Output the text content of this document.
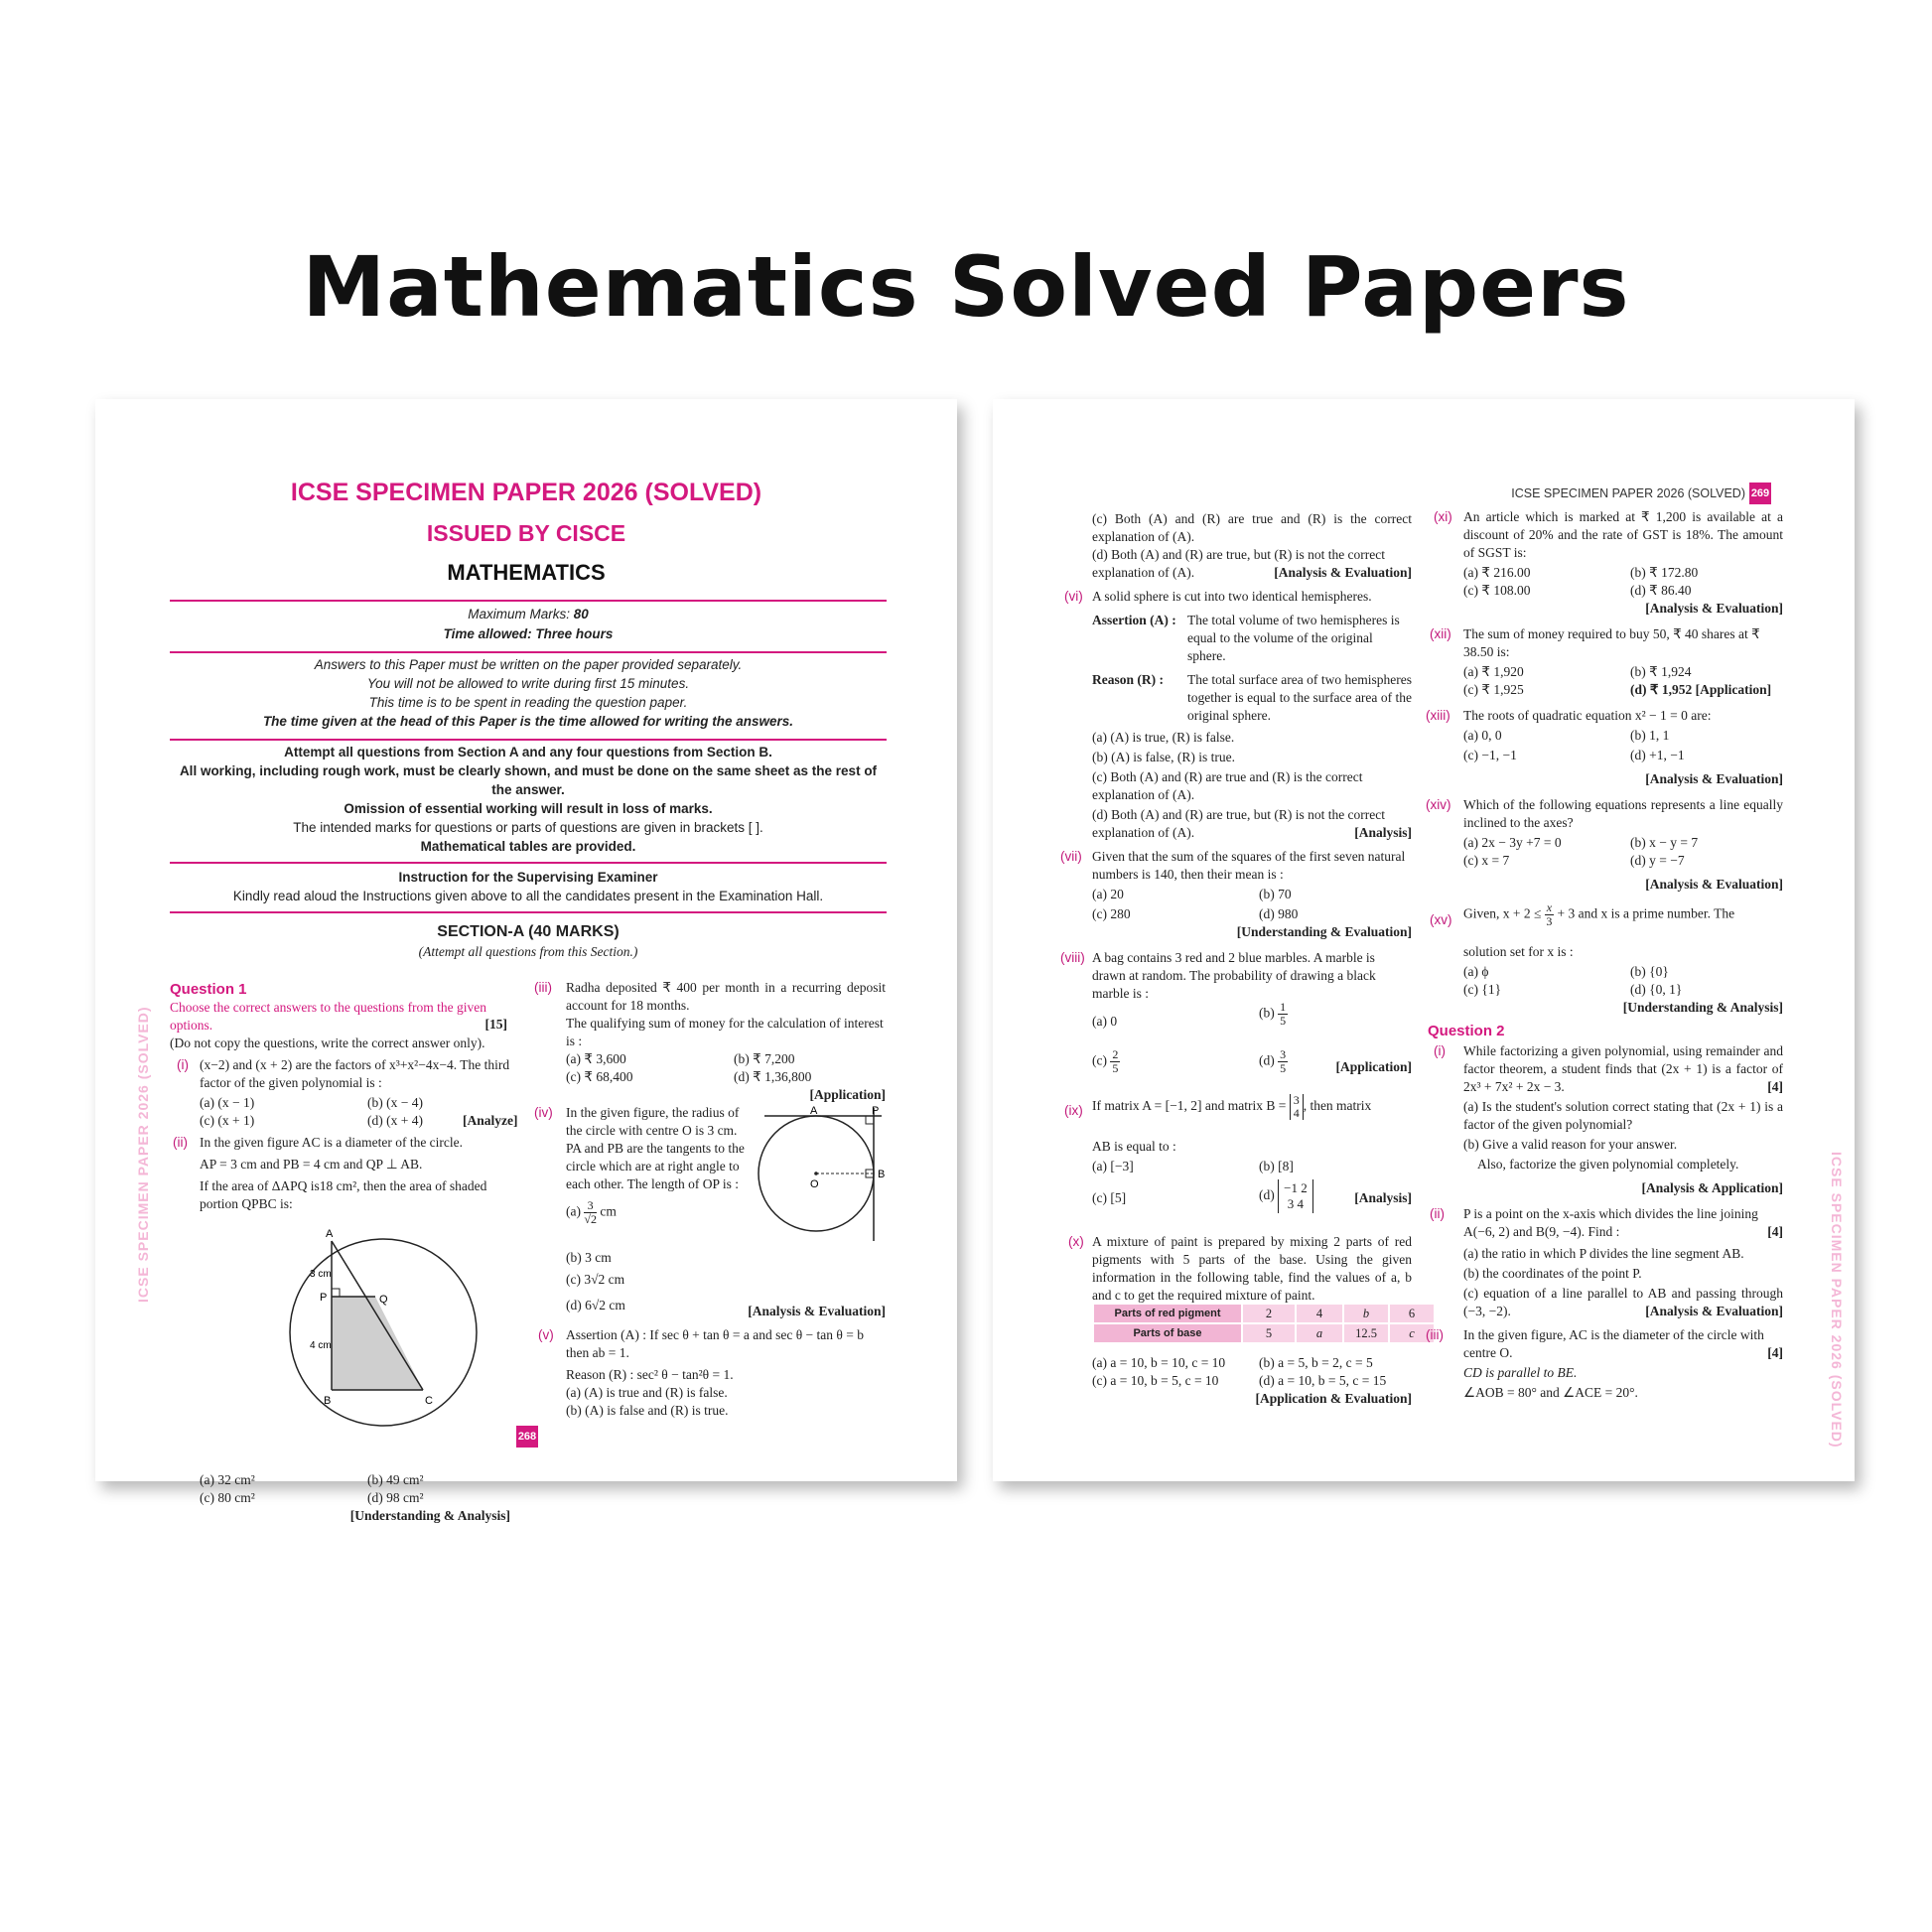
Mathematics Solved Papers
ICSE SPECIMEN PAPER 2026 (SOLVED)
ISSUED BY CISCE
MATHEMATICS
Maximum Marks: 80
Time allowed: Three hours
Answers to this Paper must be written on the paper provided separately.
You will not be allowed to write during first 15 minutes.
This time is to be spent in reading the question paper.
The time given at the head of this Paper is the time allowed for writing the answers.
Attempt all questions from Section A and any four questions from Section B.
All working, including rough work, must be clearly shown, and must be done on the same sheet as the rest of the answer.
Omission of essential working will result in loss of marks.
The intended marks for questions or parts of questions are given in brackets [ ].
Mathematical tables are provided.
Instruction for the Supervising Examiner
Kindly read aloud the Instructions given above to all the candidates present in the Examination Hall.
SECTION-A (40 MARKS)
(Attempt all questions from this Section.)
Question 1
Choose the correct answers to the questions from the given options.	[15]
(Do not copy the questions, write the correct answer only).
(i) (x−2) and (x + 2) are the factors of x³+x²−4x−4. The third factor of the given polynomial is :
(a) (x − 1)	(b) (x − 4)
(c) (x + 1)	(d) (x + 4)	[Analyze]
(ii) In the given figure AC is a diameter of the circle.
AP = 3 cm and PB = 4 cm and QP ⊥ AB.
If the area of ΔAPQ is18 cm², then the area of shaded portion QPBC is:
A
P	Q
B	C
3 cm
4 cm
(a) 32 cm²	(b) 49 cm²
(c) 80 cm²	(d) 98 cm²
[Understanding & Analysis]
(iii) Radha deposited ₹ 400 per month in a recurring deposit account for 18 months.
The qualifying sum of money for the calculation of interest is :
(a) ₹ 3,600	(b) ₹ 7,200
(c) ₹ 68,400	(d) ₹ 1,36,800
[Application]
(iv) In the given figure, the radius of the circle with centre O is 3 cm. PA and PB are the tangents to the circle which are at right angle to each other. The length of OP is :
A	P
O
B
$(a) \frac{3}{√2}$ cm
(b) 3 cm
(c) 3√2 cm
(d) 6√2 cm	[Analysis & Evaluation]
(v) Assertion (A) : If sec θ + tan θ = a and sec θ − tan θ = b then ab = 1.
Reason (R) : sec² θ − tan²θ = 1.
(a) (A) is true and (R) is false.
(b) (A) is false and (R) is true.
ICSE SPECIMEN PAPER 2026 (SOLVED)
268
ICSE SPECIMEN PAPER 2026 (SOLVED) 269
(c) Both (A) and (R) are true and (R) is the correct explanation of (A).
(d) Both (A) and (R) are true, but (R) is not the correct explanation of (A).	[Analysis & Evaluation]
(vi) A solid sphere is cut into two identical hemispheres.
Assertion (A) : The total volume of two hemispheres is equal to the volume of the original sphere.
Reason (R) : The total surface area of two hemispheres together is equal to the surface area of the original sphere.
(a) (A) is true, (R) is false.
(b) (A) is false, (R) is true.
(c) Both (A) and (R) are true and (R) is the correct explanation of (A).
(d) Both (A) and (R) are true, but (R) is not the correct explanation of (A).	[Analysis]
(vii) Given that the sum of the squares of the first seven natural numbers is 140, then their mean is :
(a) 20	(b) 70
(c) 280	(d) 980
[Understanding & Evaluation]
(viii) A bag contains 3 red and 2 blue marbles. A marble is drawn at random. The probability of drawing a black marble is :
(a) 0
$(b) \frac{1}{5}$
$(c) \frac{2}{5}$	$(d) \frac{3}{5}$	[Application]
(ix) If matrix A = [−1, 2] and matrix B = 3
4 , then matrix
AB is equal to :
(a) [−3]	(b) [8]
(c) [5]	(d) −1 2
3 4	[Analysis]
(x) A mixture of paint is prepared by mixing 2 parts of red pigments with 5 parts of the base. Using the given information in the following table, find the values of a, b and c to get the required mixture of paint.
Parts of red pigment	2	4	b	6
Parts of base	5	a	12.5	c
(a) a = 10, b = 10, c = 10	(b) a = 5, b = 2, c = 5
(c) a = 10, b = 5, c = 10	(d) a = 10, b = 5, c = 15
[Application & Evaluation]
(xi) An article which is marked at ₹ 1,200 is available at a discount of 20% and the rate of GST is 18%. The amount of SGST is:
(a) ₹ 216.00	(b) ₹ 172.80
(c) ₹ 108.00	(d) ₹ 86.40
[Analysis & Evaluation]
(xii) The sum of money required to buy 50, ₹ 40 shares at ₹ 38.50 is:
(a) ₹ 1,920	(b) ₹ 1,924
(c) ₹ 1,925	(d) ₹ 1,952 [Application]
(xiii) The roots of quadratic equation x² − 1 = 0 are:
(a) 0, 0	(b) 1, 1
(c) −1, −1	(d) +1, −1
[Analysis & Evaluation]
(xiv) Which of the following equations represents a line equally inclined to the axes?
(a) 2x − 3y +7 = 0	(b) x − y = 7
(c) x = 7	(d) y = −7
[Analysis & Evaluation]
(xv) Given, $x + 2 \le \frac{x}{3} + 3$ and x is a prime number. The
solution set for x is :
(a) ϕ	(b) {0}
(c) {1}	(d) {0, 1}
[Understanding & Analysis]
Question 2
(i) While factorizing a given polynomial, using remainder and factor theorem, a student finds that (2x + 1) is a factor of 2x³ + 7x² + 2x − 3.	[4]
(a) Is the student's solution correct stating that (2x + 1) is a factor of the given polynomial?
(b) Give a valid reason for your answer.
Also, factorize the given polynomial completely.
[Analysis & Application]
(ii) P is a point on the x-axis which divides the line joining A(−6, 2) and B(9, −4). Find :	[4]
(a) the ratio in which P divides the line segment AB.
(b) the coordinates of the point P.
(c) equation of a line parallel to AB and passing through (−3, −2).	[Analysis & Evaluation]
(iii) In the given figure, AC is the diameter of the circle with centre O.	[4]
CD is parallel to BE.
∠AOB = 80° and ∠ACE = 20°.	ICSE SPECIMEN PAPER 2026 (SOLVED)
